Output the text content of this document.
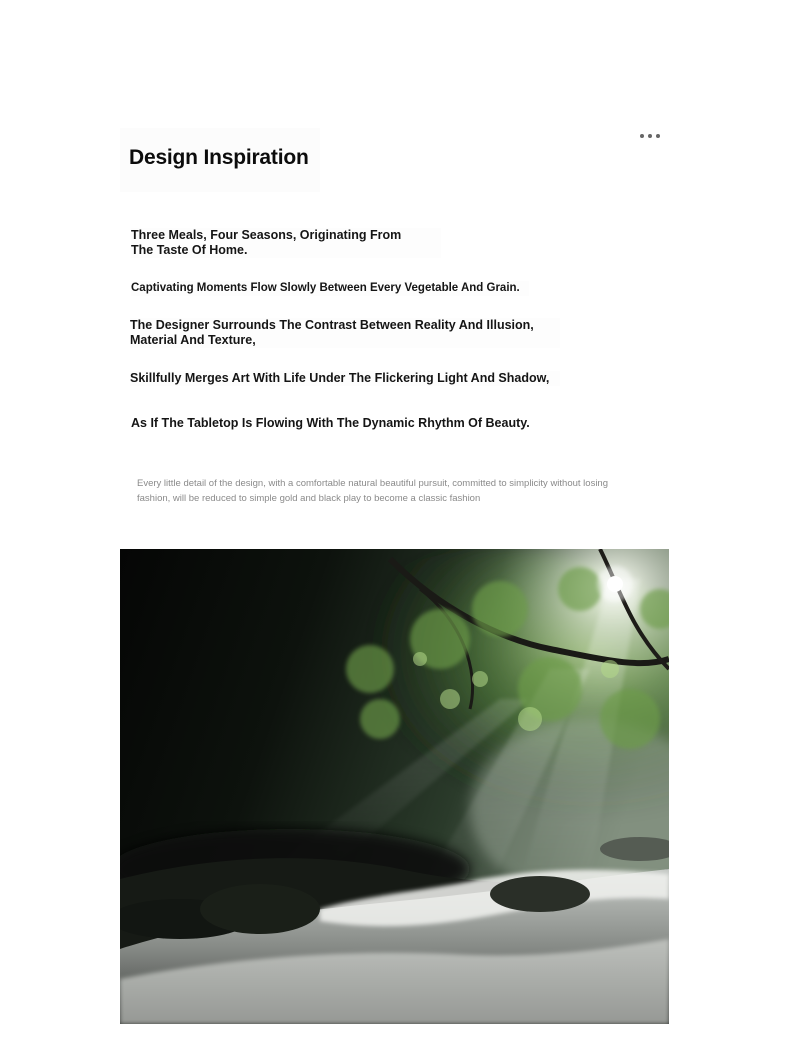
Design Inspiration

Three Meals, Four Seasons, Originating From
The Taste Of Home.

Captivating Moments Flow Slowly Between Every Vegetable And Grain.

The Designer Surrounds The Contrast Between Reality And Illusion,
Material And Texture,

Skillfully Merges Art With Life Under The Flickering Light And Shadow,

As If The Tabletop Is Flowing With The Dynamic Rhythm Of Beauty.

Every little detail of the design, with a comfortable natural beautiful pursuit, committed to simplicity without losing
fashion, will be reduced to simple gold and black play to become a classic fashion
